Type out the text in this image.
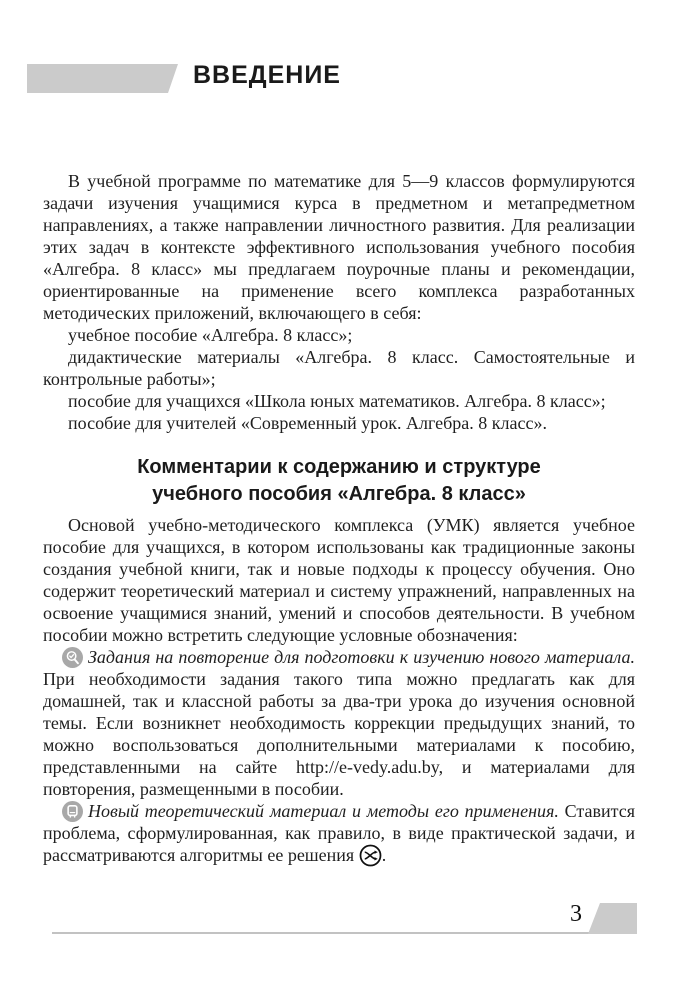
ВВЕДЕНИЕ

В учебной программе по математике для 5—9 классов формулируются задачи изучения учащимися курса в предметном и метапредметном направлениях, а также направлении личностного развития. Для реализации этих задач в контексте эффективного использования учебного пособия «Алгебра. 8 класс» мы предлагаем поурочные планы и рекомендации, ориентированные на применение всего комплекса разработанных методических приложений, включающего в себя:

учебное пособие «Алгебра. 8 класс»;

дидактические материалы «Алгебра. 8 класс. Самостоятельные и контрольные работы»;

пособие для учащихся «Школа юных математиков. Алгебра. 8 класс»;

пособие для учителей «Современный урок. Алгебра. 8 класс».

Комментарии к содержанию и структуре
учебного пособия «Алгебра. 8 класс»

Основой учебно-методического комплекса (УМК) является учебное пособие для учащихся, в котором использованы как традиционные законы создания учебной книги, так и новые подходы к процессу обучения. Оно содержит теоретический материал и систему упражнений, направленных на освоение учащимися знаний, умений и способов деятельности. В учебном пособии можно встретить следующие условные обозначения:

Задания на повторение для подготовки к изучению нового материала. При необходимости задания такого типа можно предлагать как для домашней, так и классной работы за два-три урока до изучения основной темы. Если возникнет необходимость коррекции предыдущих знаний, то можно воспользоваться дополнительными материалами к пособию, представленными на сайте http://e-vedy.adu.by, и материалами для повторения, размещенными в пособии.

Новый теоретический материал и методы его применения. Ставится проблема, сформулированная, как правило, в виде практической задачи, и рассматриваются алгоритмы ее решения .

3
